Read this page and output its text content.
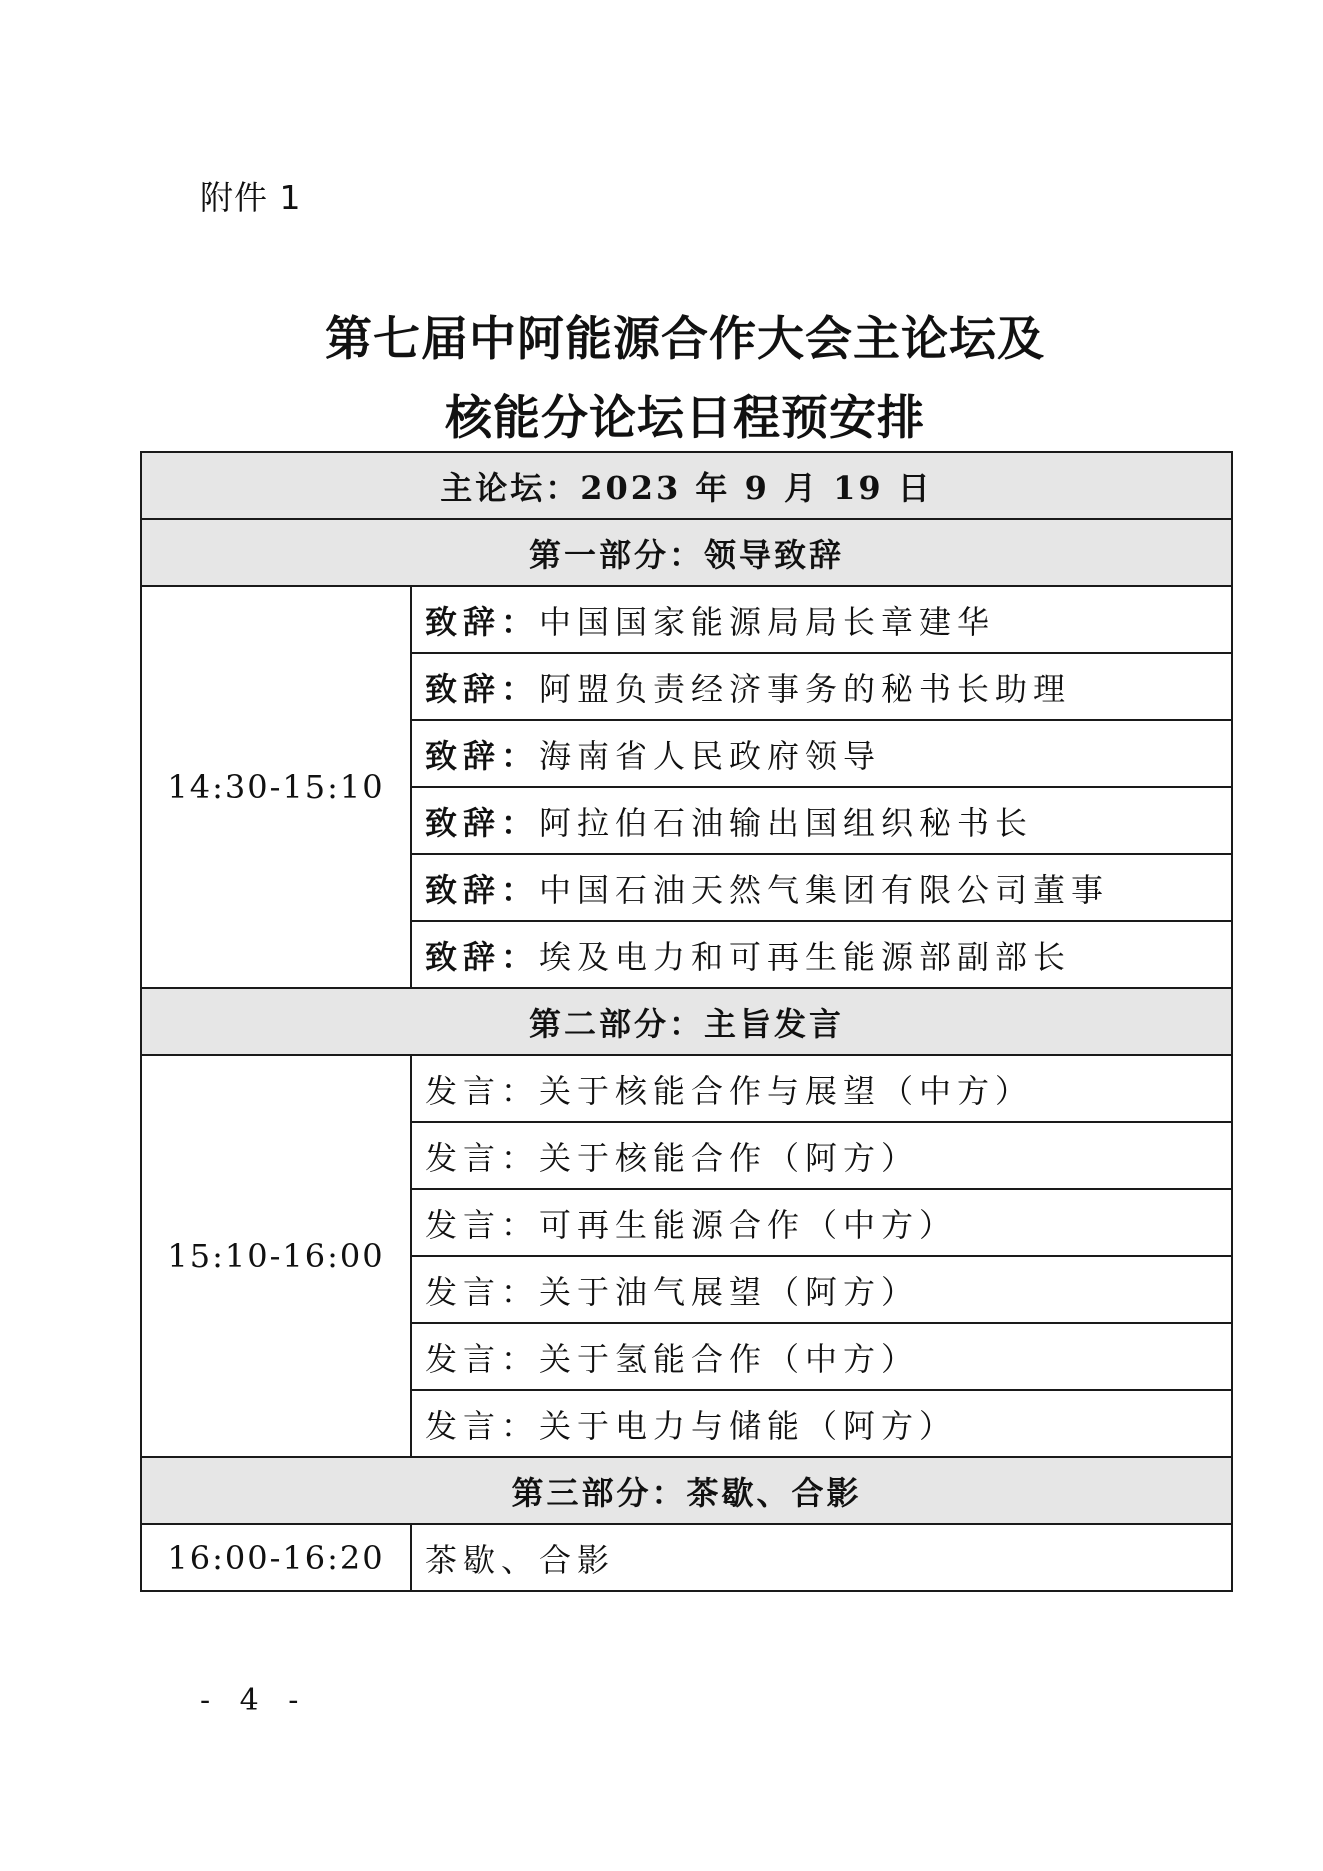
附件 1
第七届中阿能源合作大会主论坛及
核能分论坛日程预安排
主论坛：2023 年 9 月 19 日	
第一部分：领导致辞	
14:30-15:10	致辞：中国国家能源局局长章建华
	致辞：阿盟负责经济事务的秘书长助理
	致辞：海南省人民政府领导
	致辞：阿拉伯石油输出国组织秘书长
	致辞：中国石油天然气集团有限公司董事
	致辞：埃及电力和可再生能源部副部长
第二部分：主旨发言	
15:10-16:00	发言：关于核能合作与展望（中方）
	发言：关于核能合作（阿方）
	发言：可再生能源合作（中方）
	发言：关于油气展望（阿方）
	发言：关于氢能合作（中方）
	发言：关于电力与储能（阿方）
第三部分：茶歇、合影	
16:00-16:20	茶歇、合影
- 4 -
